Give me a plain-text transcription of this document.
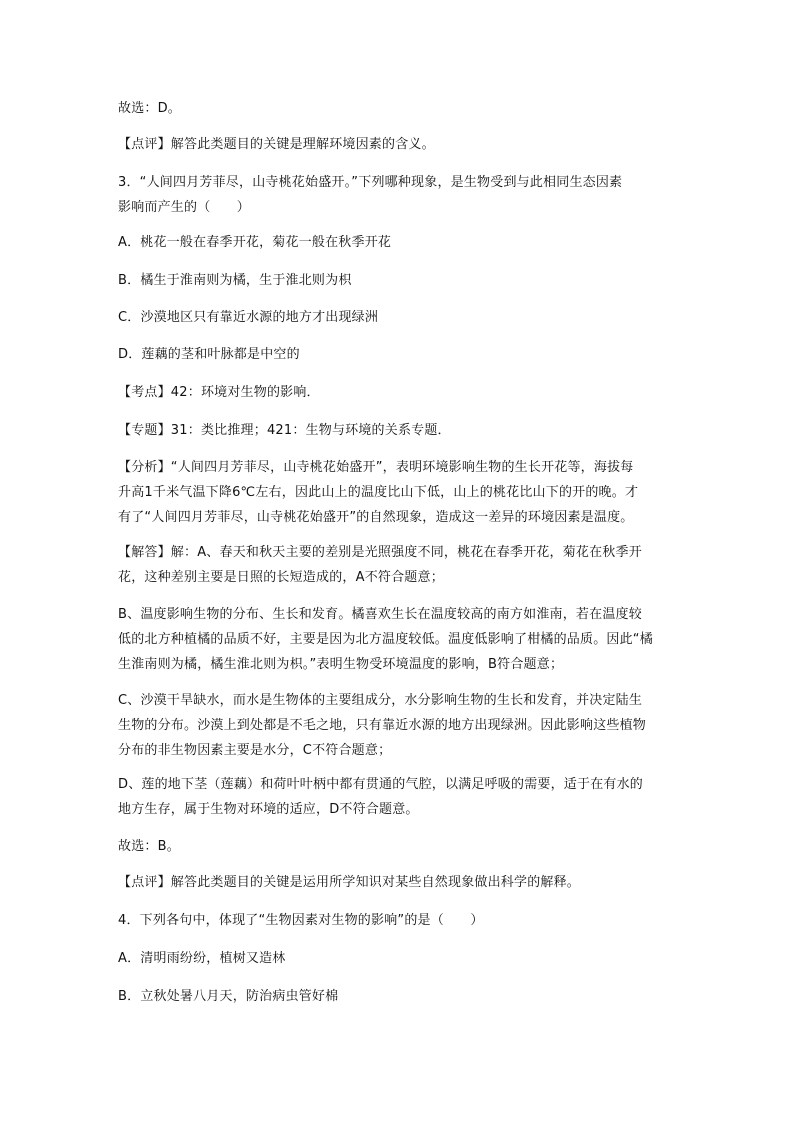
故选：D。
【点评】解答此类题目的关键是理解环境因素的含义。
3．“人间四月芳菲尽，山寺桃花始盛开。”下列哪种现象，是生物受到与此相同生态因素
影响而产生的（　　）
A．桃花一般在春季开花，菊花一般在秋季开花
B．橘生于淮南则为橘，生于淮北则为枳
C．沙漠地区只有靠近水源的地方才出现绿洲
D．莲藕的茎和叶脉都是中空的
【考点】42：环境对生物的影响．
【专题】31：类比推理；421：生物与环境的关系专题．
【分析】“人间四月芳菲尽，山寺桃花始盛开”，表明环境影响生物的生长开花等，海拔每
升高1千米气温下降6℃左右，因此山上的温度比山下低，山上的桃花比山下的开的晚。才
有了“人间四月芳菲尽，山寺桃花始盛开”的自然现象，造成这一差异的环境因素是温度。
【解答】解：A、春天和秋天主要的差别是光照强度不同，桃花在春季开花，菊花在秋季开
花，这种差别主要是日照的长短造成的，A不符合题意；
B、温度影响生物的分布、生长和发育。橘喜欢生长在温度较高的南方如淮南，若在温度较
低的北方种植橘的品质不好，主要是因为北方温度较低。温度低影响了柑橘的品质。因此“橘
生淮南则为橘，橘生淮北则为枳。”表明生物受环境温度的影响，B符合题意；
C、沙漠干旱缺水，而水是生物体的主要组成分，水分影响生物的生长和发育，并决定陆生
生物的分布。沙漠上到处都是不毛之地，只有靠近水源的地方出现绿洲。因此影响这些植物
分布的非生物因素主要是水分，C不符合题意；
D、莲的地下茎（莲藕）和荷叶叶柄中都有贯通的气腔，以满足呼吸的需要，适于在有水的
地方生存，属于生物对环境的适应，D不符合题意。
故选：B。
【点评】解答此类题目的关键是运用所学知识对某些自然现象做出科学的解释。
4．下列各句中，体现了“生物因素对生物的影响”的是（　　）
A．清明雨纷纷，植树又造林
B．立秋处暑八月天，防治病虫管好棉
